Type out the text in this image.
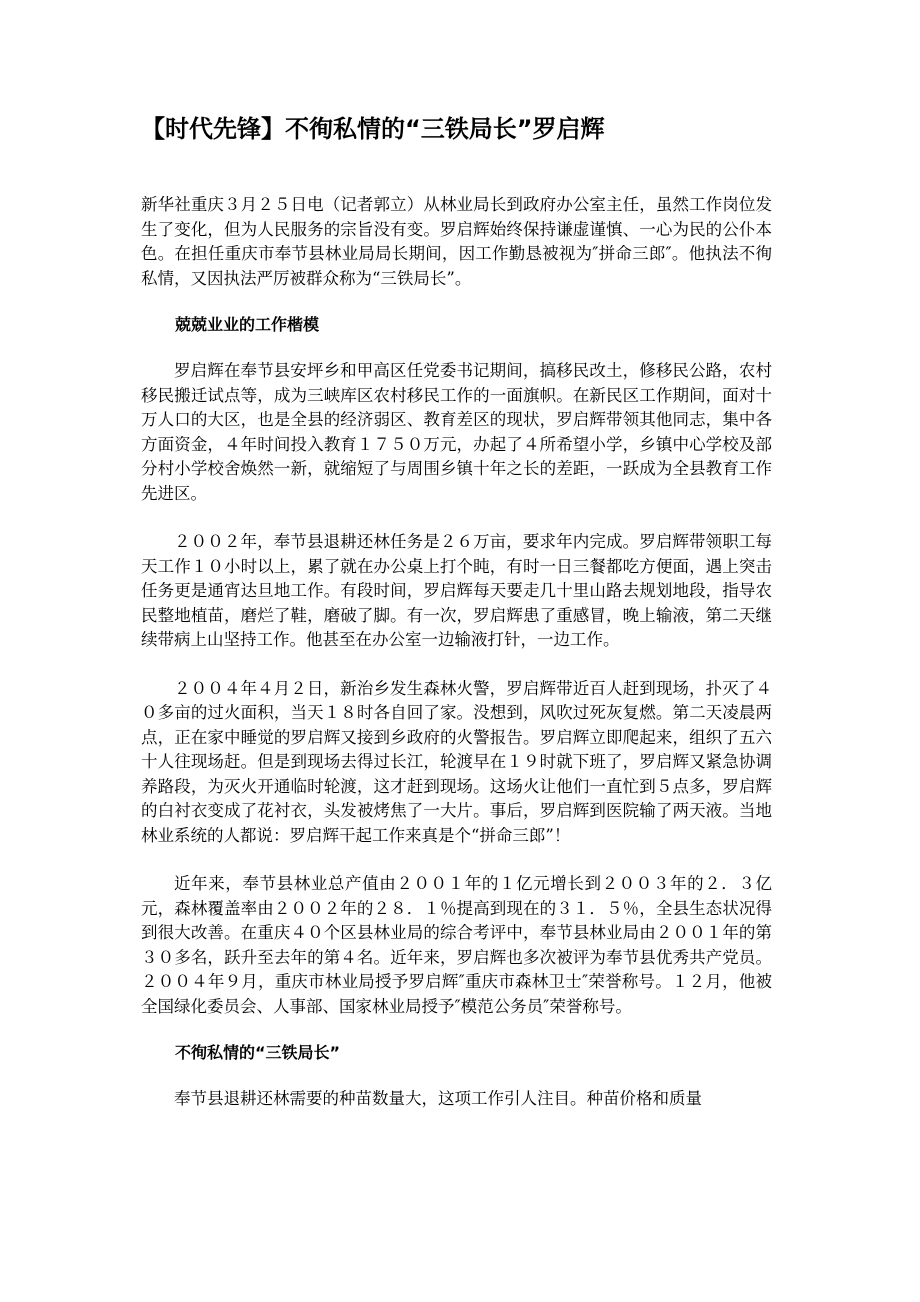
【时代先锋】不徇私情的“三铁局长”罗启辉

新华社重庆３月２５日电（记者郭立）从林业局长到政府办公室主任，虽然工作岗位发生了变化，但为人民服务的宗旨没有变。罗启辉始终保持谦虚谨慎、一心为民的公仆本色。在担任重庆市奉节县林业局局长期间，因工作勤恳被视为″拼命三郎″。他执法不徇私情，又因执法严厉被群众称为“三铁局长”。

兢兢业业的工作楷模

罗启辉在奉节县安坪乡和甲高区任党委书记期间，搞移民改土，修移民公路，农村移民搬迁试点等，成为三峡库区农村移民工作的一面旗帜。在新民区工作期间，面对十万人口的大区，也是全县的经济弱区、教育差区的现状，罗启辉带领其他同志，集中各方面资金，４年时间投入教育１７５０万元，办起了４所希望小学，乡镇中心学校及部分村小学校舍焕然一新，就缩短了与周围乡镇十年之长的差距，一跃成为全县教育工作先进区。

２００２年，奉节县退耕还林任务是２６万亩，要求年内完成。罗启辉带领职工每天工作１０小时以上，累了就在办公桌上打个盹，有时一日三餐都吃方便面，遇上突击任务更是通宵达旦地工作。有段时间，罗启辉每天要走几十里山路去规划地段，指导农民整地植苗，磨烂了鞋，磨破了脚。有一次，罗启辉患了重感冒，晚上输液，第二天继续带病上山坚持工作。他甚至在办公室一边输液打针，一边工作。

２００４年４月２日，新治乡发生森林火警，罗启辉带近百人赶到现场，扑灭了４０多亩的过火面积，当天１８时各自回了家。没想到，风吹过死灰复燃。第二天凌晨两点，正在家中睡觉的罗启辉又接到乡政府的火警报告。罗启辉立即爬起来，组织了五六十人往现场赶。但是到现场去得过长江，轮渡早在１９时就下班了，罗启辉又紧急协调养路段，为灭火开通临时轮渡，这才赶到现场。这场火让他们一直忙到５点多，罗启辉的白衬衣变成了花衬衣，头发被烤焦了一大片。事后，罗启辉到医院输了两天液。当地林业系统的人都说：罗启辉干起工作来真是个“拼命三郎”！

近年来，奉节县林业总产值由２００１年的１亿元增长到２００３年的２．３亿元，森林覆盖率由２００２年的２８．１％提高到现在的３１．５％，全县生态状况得到很大改善。在重庆４０个区县林业局的综合考评中，奉节县林业局由２００１年的第３０多名，跃升至去年的第４名。近年来，罗启辉也多次被评为奉节县优秀共产党员。２００４年９月，重庆市林业局授予罗启辉″重庆市森林卫士″荣誉称号。１２月，他被全国绿化委员会、人事部、国家林业局授予″模范公务员″荣誉称号。

不徇私情的“三铁局长”

奉节县退耕还林需要的种苗数量大，这项工作引人注目。种苗价格和质量
